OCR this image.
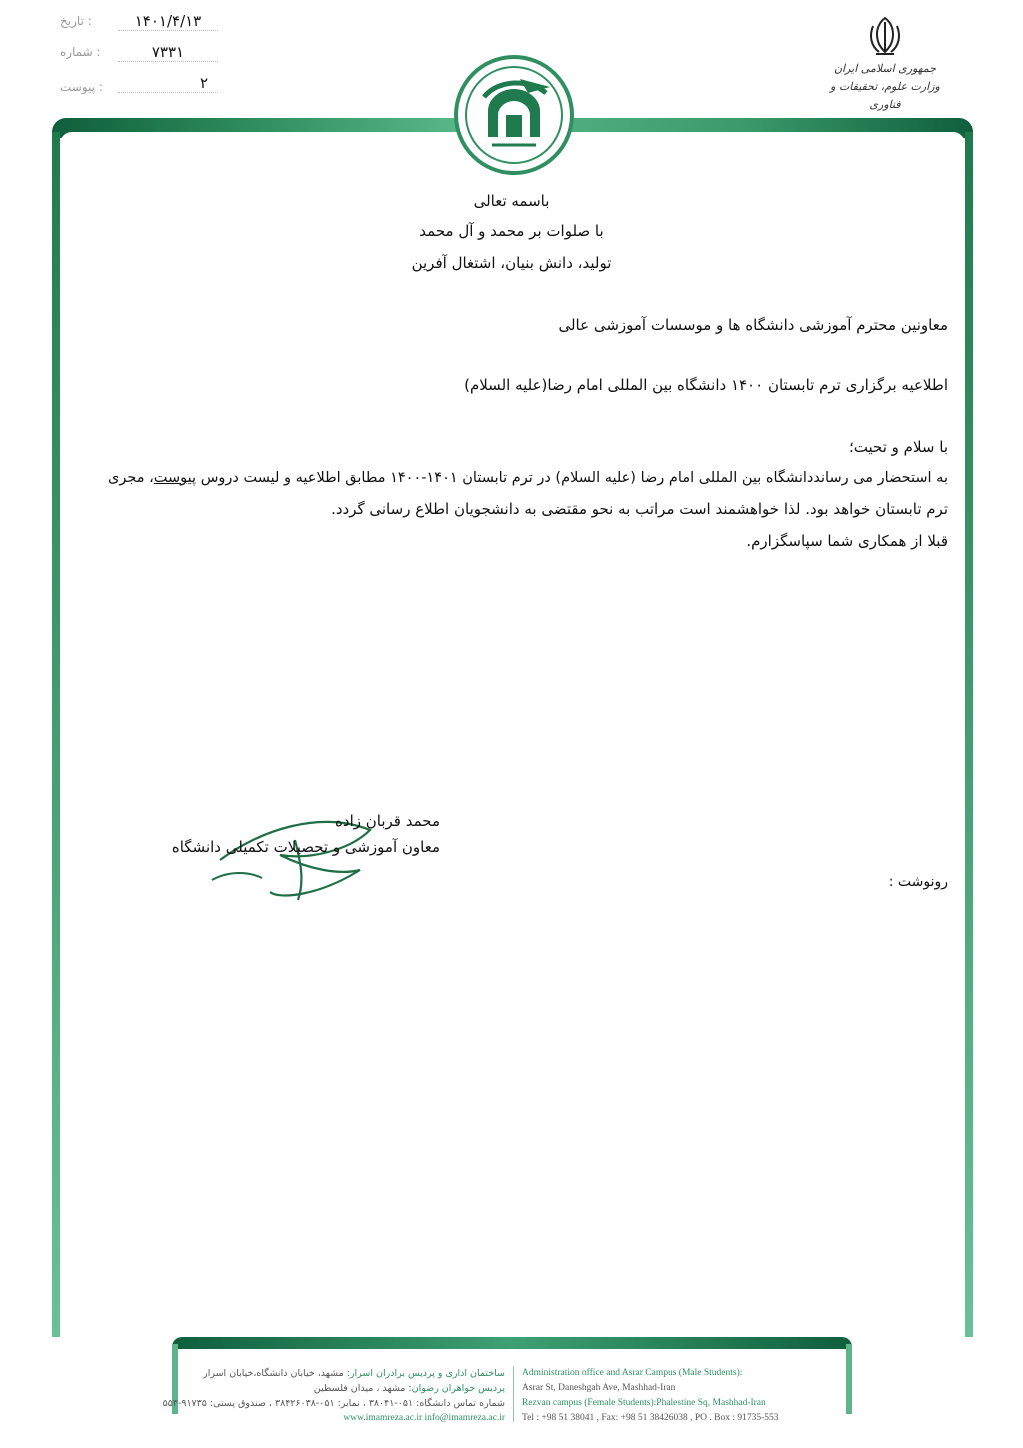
: تاریخ	۱۴۰۱/۴/۱۳
: شماره	۷۳۳۱
: پیوست	۲
جمهوری اسلامی ایران
وزارت علوم، تحقیقات و فناوری
باسمه تعالی
با صلوات بر محمد و آل محمد
تولید، دانش بنیان، اشتغال آفرین
معاونین محترم آموزشی دانشگاه ها و موسسات آموزشی عالی
اطلاعیه برگزاری ترم تابستان ۱۴۰۰ دانشگاه بین المللی امام رضا(علیه السلام)
با سلام و تحیت؛
به استحضار می رساند‌دانشگاه بین المللی امام رضا (علیه السلام) در ترم تابستان ۱۴۰۱-۱۴۰۰ مطابق اطلاعیه و لیست دروس پیوست، مجری
ترم تابستان خواهد بود. لذا خواهشمند است مراتب به نحو مقتضی به دانشجویان اطلاع رسانی گردد.
قبلا از همکاری شما سپاسگزارم.
محمد قربان زاده
معاون آموزشی و تحصیلات تکمیلی دانشگاه
رونوشت :
ساختمان اداری و پردیس برادران اسرار: مشهد، خیابان دانشگاه،خیابان اسرار
پردیس خواهران رضوان: مشهد ، میدان فلسطین
شماره تماس دانشگاه: ۰۵۱-۳۸۰۴۱ ، نمابر: ۰۵۱-۳۸۴۲۶۰۳۸ ، صندوق پستی: ۹۱۷۳۵-۵۵۳
www.imamreza.ac.ir info@imamreza.ac.ir
Administration office and Asrar Campus (Male Students):
Asrar St, Daneshgah Ave, Mashhad-Iran
Rezvan campus (Female Students):Phalestine Sq, Mashhad-Iran
Tel : +98 51 38041 , Fax: +98 51 38426038 , PO . Box : 91735-553
